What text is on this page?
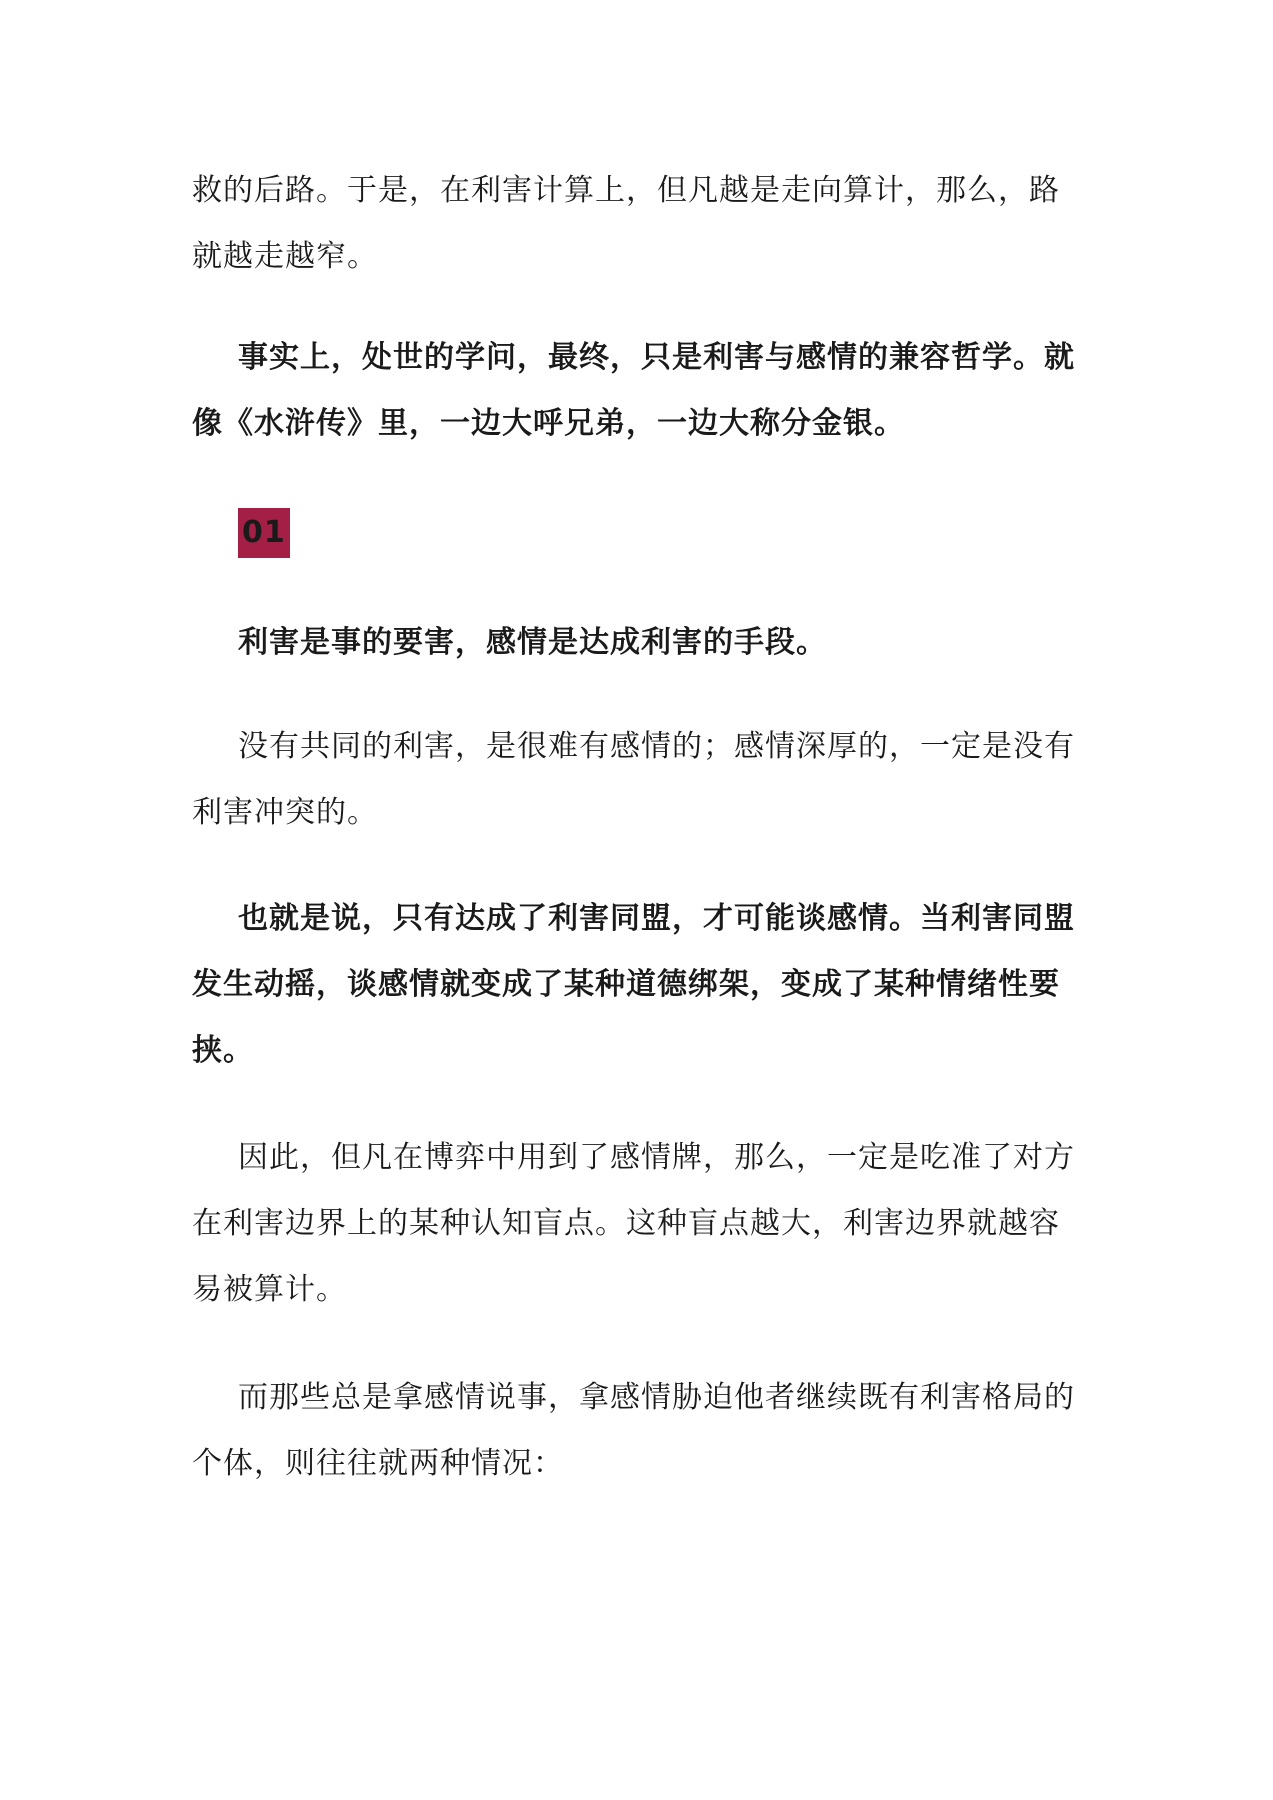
救的后路。于是，在利害计算上，但凡越是走向算计，那么，路
就越走越窄。

事实上，处世的学问，最终，只是利害与感情的兼容哲学。就
像《水浒传》里，一边大呼兄弟，一边大称分金银。

01

利害是事的要害，感情是达成利害的手段。

没有共同的利害，是很难有感情的；感情深厚的，一定是没有
利害冲突的。

也就是说，只有达成了利害同盟，才可能谈感情。当利害同盟
发生动摇，谈感情就变成了某种道德绑架，变成了某种情绪性要
挟。

因此，但凡在博弈中用到了感情牌，那么，一定是吃准了对方
在利害边界上的某种认知盲点。这种盲点越大，利害边界就越容
易被算计。

而那些总是拿感情说事，拿感情胁迫他者继续既有利害格局的
个体，则往往就两种情况：
